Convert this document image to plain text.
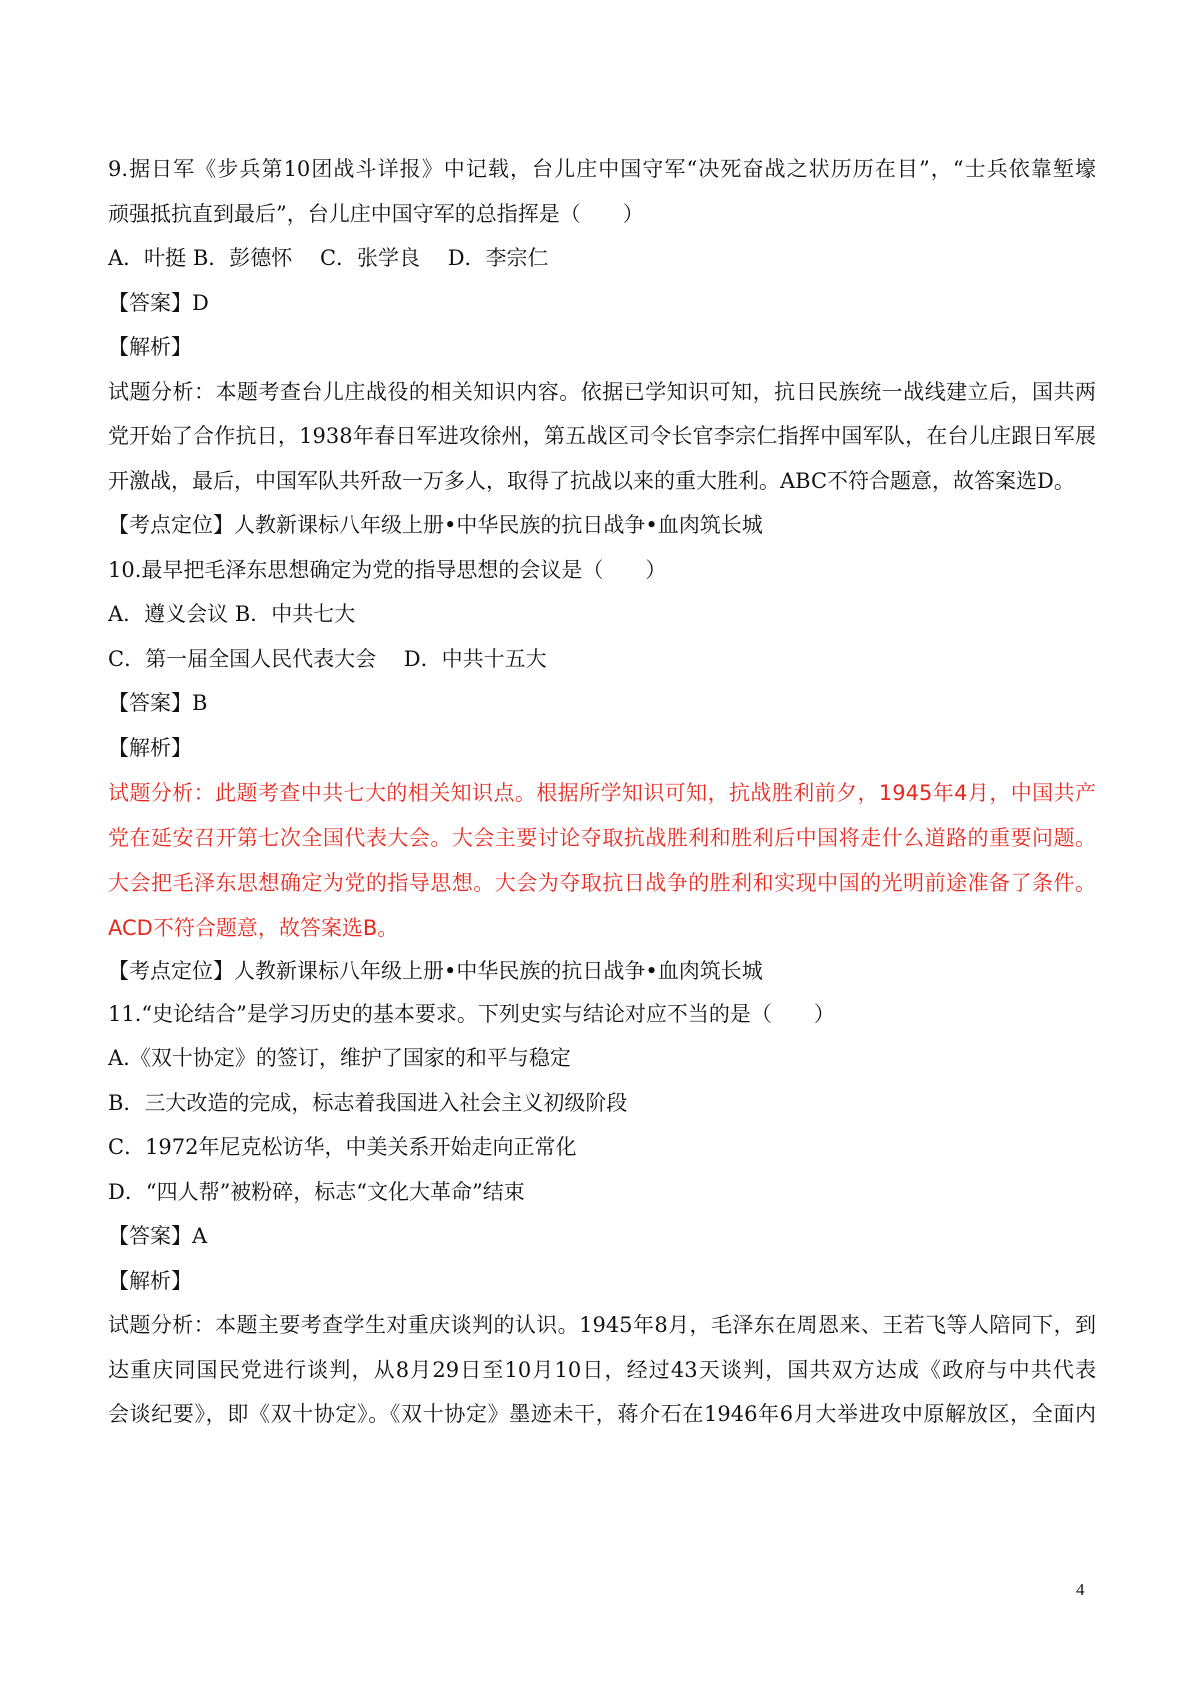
9.据日军《步兵第10团战斗详报》中记载，台儿庄中国守军“决死奋战之状历历在目”，“士兵依靠堑壕
顽强抵抗直到最后”，台儿庄中国守军的总指挥是（　　）
A．叶挺 B．彭德怀　 C．张学良　 D．李宗仁
【答案】D
【解析】
试题分析：本题考查台儿庄战役的相关知识内容。依据已学知识可知，抗日民族统一战线建立后，国共两
党开始了合作抗日，1938年春日军进攻徐州，第五战区司令长官李宗仁指挥中国军队，在台儿庄跟日军展
开激战，最后，中国军队共歼敌一万多人，取得了抗战以来的重大胜利。ABC不符合题意，故答案选D。
【考点定位】人教新课标八年级上册•中华民族的抗日战争•血肉筑长城
10.最早把毛泽东思想确定为党的指导思想的会议是（　　）
A．遵义会议 B．中共七大
C．第一届全国人民代表大会　 D．中共十五大
【答案】B
【解析】
试题分析：此题考查中共七大的相关知识点。根据所学知识可知，抗战胜利前夕，1945年4月，中国共产
党在延安召开第七次全国代表大会。大会主要讨论夺取抗战胜利和胜利后中国将走什么道路的重要问题。
大会把毛泽东思想确定为党的指导思想。大会为夺取抗日战争的胜利和实现中国的光明前途准备了条件。
ACD不符合题意，故答案选B。
【考点定位】人教新课标八年级上册•中华民族的抗日战争•血肉筑长城
11.“史论结合”是学习历史的基本要求。下列史实与结论对应不当的是（　　）
A.《双十协定》的签订，维护了国家的和平与稳定
B．三大改造的完成，标志着我国进入社会主义初级阶段
C．1972年尼克松访华，中美关系开始走向正常化
D．“四人帮”被粉碎，标志“文化大革命”结束
【答案】A
【解析】
试题分析：本题主要考查学生对重庆谈判的认识。1945年8月，毛泽东在周恩来、王若飞等人陪同下，到
达重庆同国民党进行谈判，从8月29日至10月10日，经过43天谈判，国共双方达成《政府与中共代表
会谈纪要》，即《双十协定》。《双十协定》墨迹未干，蒋介石在1946年6月大举进攻中原解放区，全面内
4
